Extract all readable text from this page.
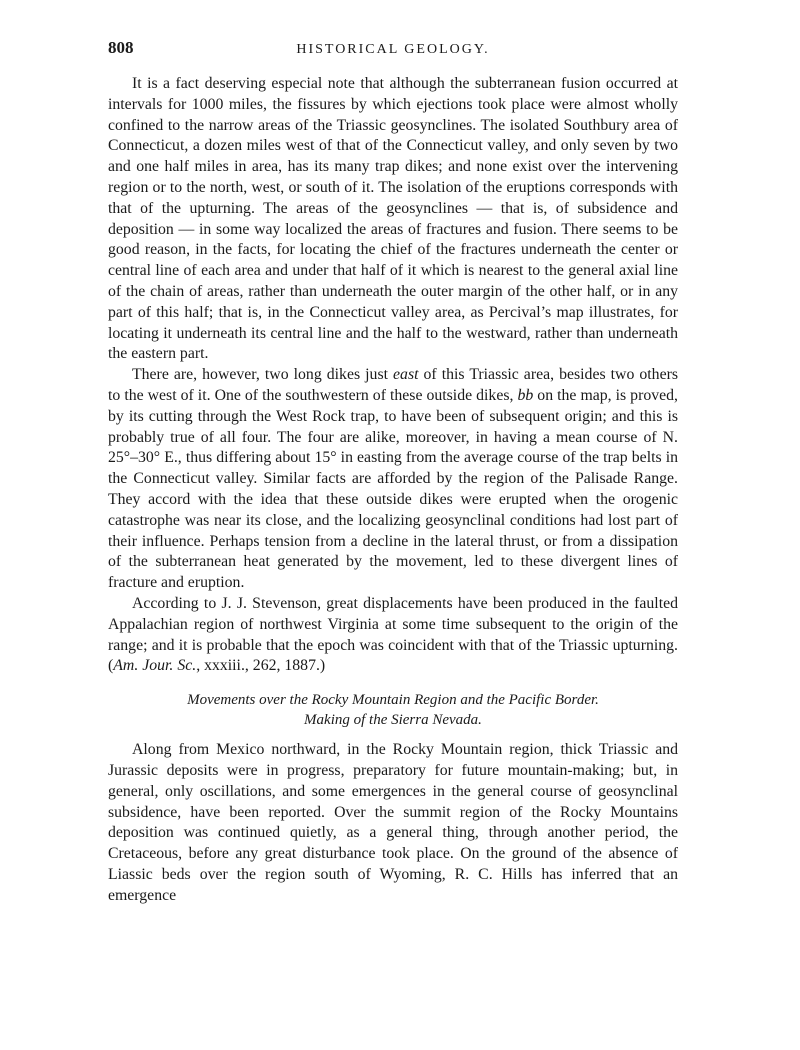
808	HISTORICAL GEOLOGY.

It is a fact deserving especial note that although the subterranean fusion occurred at intervals for 1000 miles, the fissures by which ejections took place were almost wholly confined to the narrow areas of the Triassic geosynclines. The isolated Southbury area of Connecticut, a dozen miles west of that of the Connecticut valley, and only seven by two and one half miles in area, has its many trap dikes; and none exist over the intervening region or to the north, west, or south of it. The isolation of the eruptions corresponds with that of the upturning. The areas of the geosynclines — that is, of subsidence and deposition — in some way localized the areas of fractures and fusion. There seems to be good reason, in the facts, for locating the chief of the fractures underneath the center or central line of each area and under that half of it which is nearest to the general axial line of the chain of areas, rather than underneath the outer margin of the other half, or in any part of this half; that is, in the Connecticut valley area, as Percival’s map illustrates, for locating it underneath its central line and the half to the westward, rather than underneath the eastern part.

There are, however, two long dikes just east of this Triassic area, besides two others to the west of it. One of the southwestern of these outside dikes, bb on the map, is proved, by its cutting through the West Rock trap, to have been of subsequent origin; and this is probably true of all four. The four are alike, moreover, in having a mean course of N. 25°–30° E., thus differing about 15° in easting from the average course of the trap belts in the Connecticut valley. Similar facts are afforded by the region of the Palisade Range. They accord with the idea that these outside dikes were erupted when the orogenic catastrophe was near its close, and the localizing geosynclinal conditions had lost part of their influence. Perhaps tension from a decline in the lateral thrust, or from a dissipation of the subterranean heat generated by the movement, led to these divergent lines of fracture and eruption.

According to J. J. Stevenson, great displacements have been produced in the faulted Appalachian region of northwest Virginia at some time subsequent to the origin of the range; and it is probable that the epoch was coincident with that of the Triassic upturning. (Am. Jour. Sc., xxxiii., 262, 1887.)

Movements over the Rocky Mountain Region and the Pacific Border.
Making of the Sierra Nevada.

Along from Mexico northward, in the Rocky Mountain region, thick Triassic and Jurassic deposits were in progress, preparatory for future mountain-making; but, in general, only oscillations, and some emergences in the general course of geosynclinal subsidence, have been reported. Over the summit region of the Rocky Mountains deposition was continued quietly, as a general thing, through another period, the Cretaceous, before any great disturbance took place. On the ground of the absence of Liassic beds over the region south of Wyoming, R. C. Hills has inferred that an emergence
